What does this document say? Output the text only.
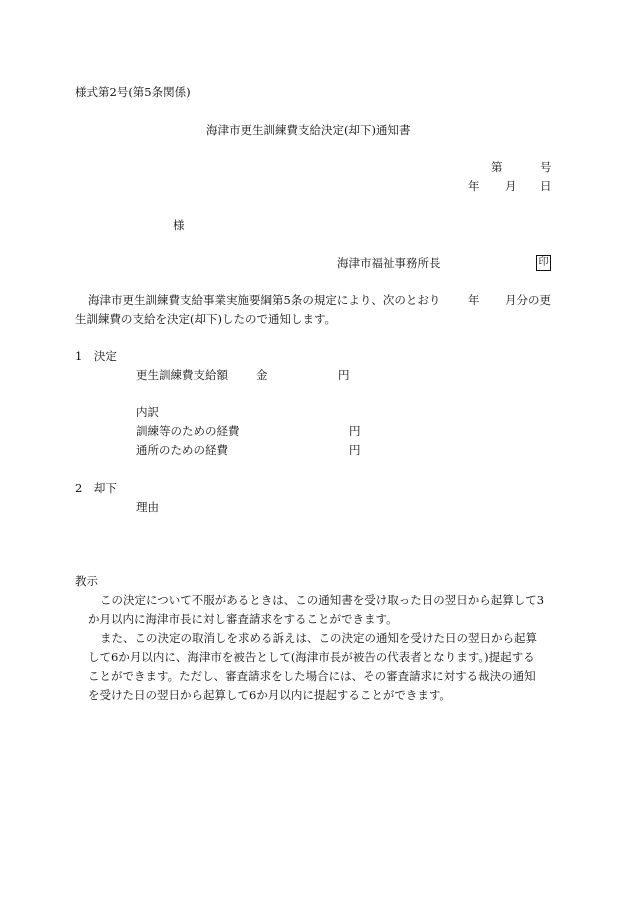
様式第2号(第5条関係)
海津市更生訓練費支給決定(却下)通知書
第	号
年 月 日
様
海津市福祉事務所長	印
海津市更生訓練費支給事業実施要綱第5条の規定により、次のとおり 年 月分の更
生訓練費の支給を決定(却下)したので通知します。
1　決定
更生訓練費支給額 金	円
内訳
訓練等のための経費	円
通所のための経費	円
2　却下
理由
教示
この決定について不服があるときは、この通知書を受け取った日の翌日から起算して3
か月以内に海津市長に対し審査請求をすることができます。
また、この決定の取消しを求める訴えは、この決定の通知を受けた日の翌日から起算
して6か月以内に、海津市を被告として(海津市長が被告の代表者となります。)提起する
ことができます。ただし、審査請求をした場合には、その審査請求に対する裁決の通知
を受けた日の翌日から起算して6か月以内に提起することができます。
